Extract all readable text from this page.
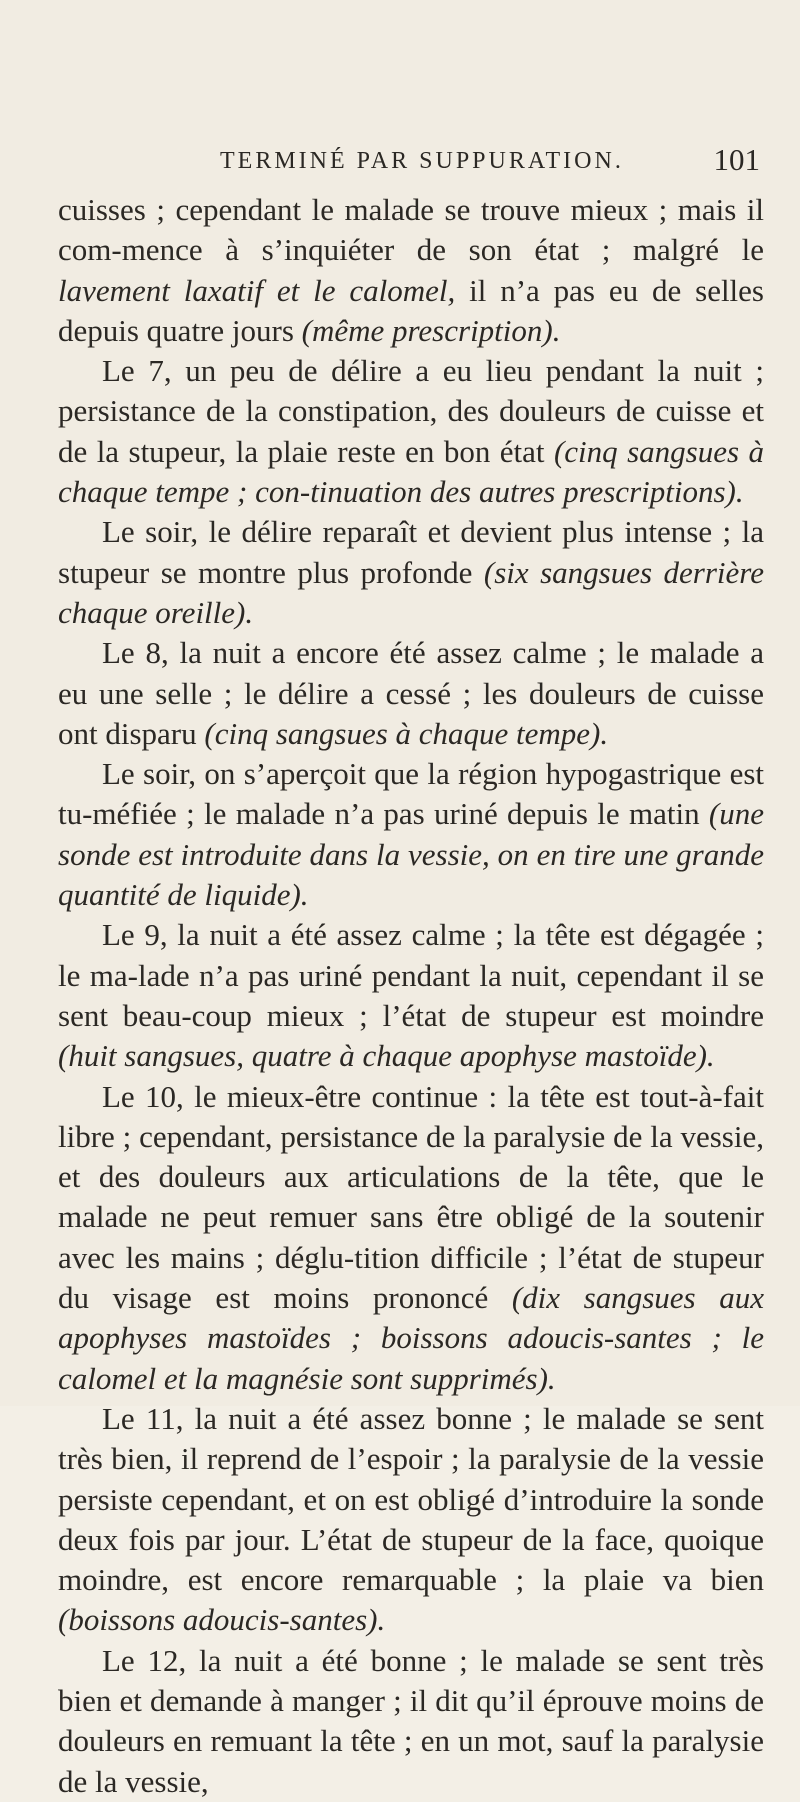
TERMINÉ PAR SUPPURATION.	101

cuisses ; cependant le malade se trouve mieux ; mais il com-mence à s’inquiéter de son état ; malgré le lavement laxatif et le calomel, il n’a pas eu de selles depuis quatre jours (même prescription).

Le 7, un peu de délire a eu lieu pendant la nuit ; persistance de la constipation, des douleurs de cuisse et de la stupeur, la plaie reste en bon état (cinq sangsues à chaque tempe ; con-tinuation des autres prescriptions).

Le soir, le délire reparaît et devient plus intense ; la stupeur se montre plus profonde (six sangsues derrière chaque oreille).

Le 8, la nuit a encore été assez calme ; le malade a eu une selle ; le délire a cessé ; les douleurs de cuisse ont disparu (cinq sangsues à chaque tempe).

Le soir, on s’aperçoit que la région hypogastrique est tu-méfiée ; le malade n’a pas uriné depuis le matin (une sonde est introduite dans la vessie, on en tire une grande quantité de liquide).

Le 9, la nuit a été assez calme ; la tête est dégagée ; le ma-lade n’a pas uriné pendant la nuit, cependant il se sent beau-coup mieux ; l’état de stupeur est moindre (huit sangsues, quatre à chaque apophyse mastoïde).

Le 10, le mieux-être continue : la tête est tout-à-fait libre ; cependant, persistance de la paralysie de la vessie, et des douleurs aux articulations de la tête, que le malade ne peut remuer sans être obligé de la soutenir avec les mains ; déglu-tition difficile ; l’état de stupeur du visage est moins prononcé (dix sangsues aux apophyses mastoïdes ; boissons adoucis-santes ; le calomel et la magnésie sont supprimés).

Le 11, la nuit a été assez bonne ; le malade se sent très bien, il reprend de l’espoir ; la paralysie de la vessie persiste cependant, et on est obligé d’introduire la sonde deux fois par jour. L’état de stupeur de la face, quoique moindre, est encore remarquable ; la plaie va bien (boissons adoucis-santes).

Le 12, la nuit a été bonne ; le malade se sent très bien et demande à manger ; il dit qu’il éprouve moins de douleurs en remuant la tête ; en un mot, sauf la paralysie de la vessie,
